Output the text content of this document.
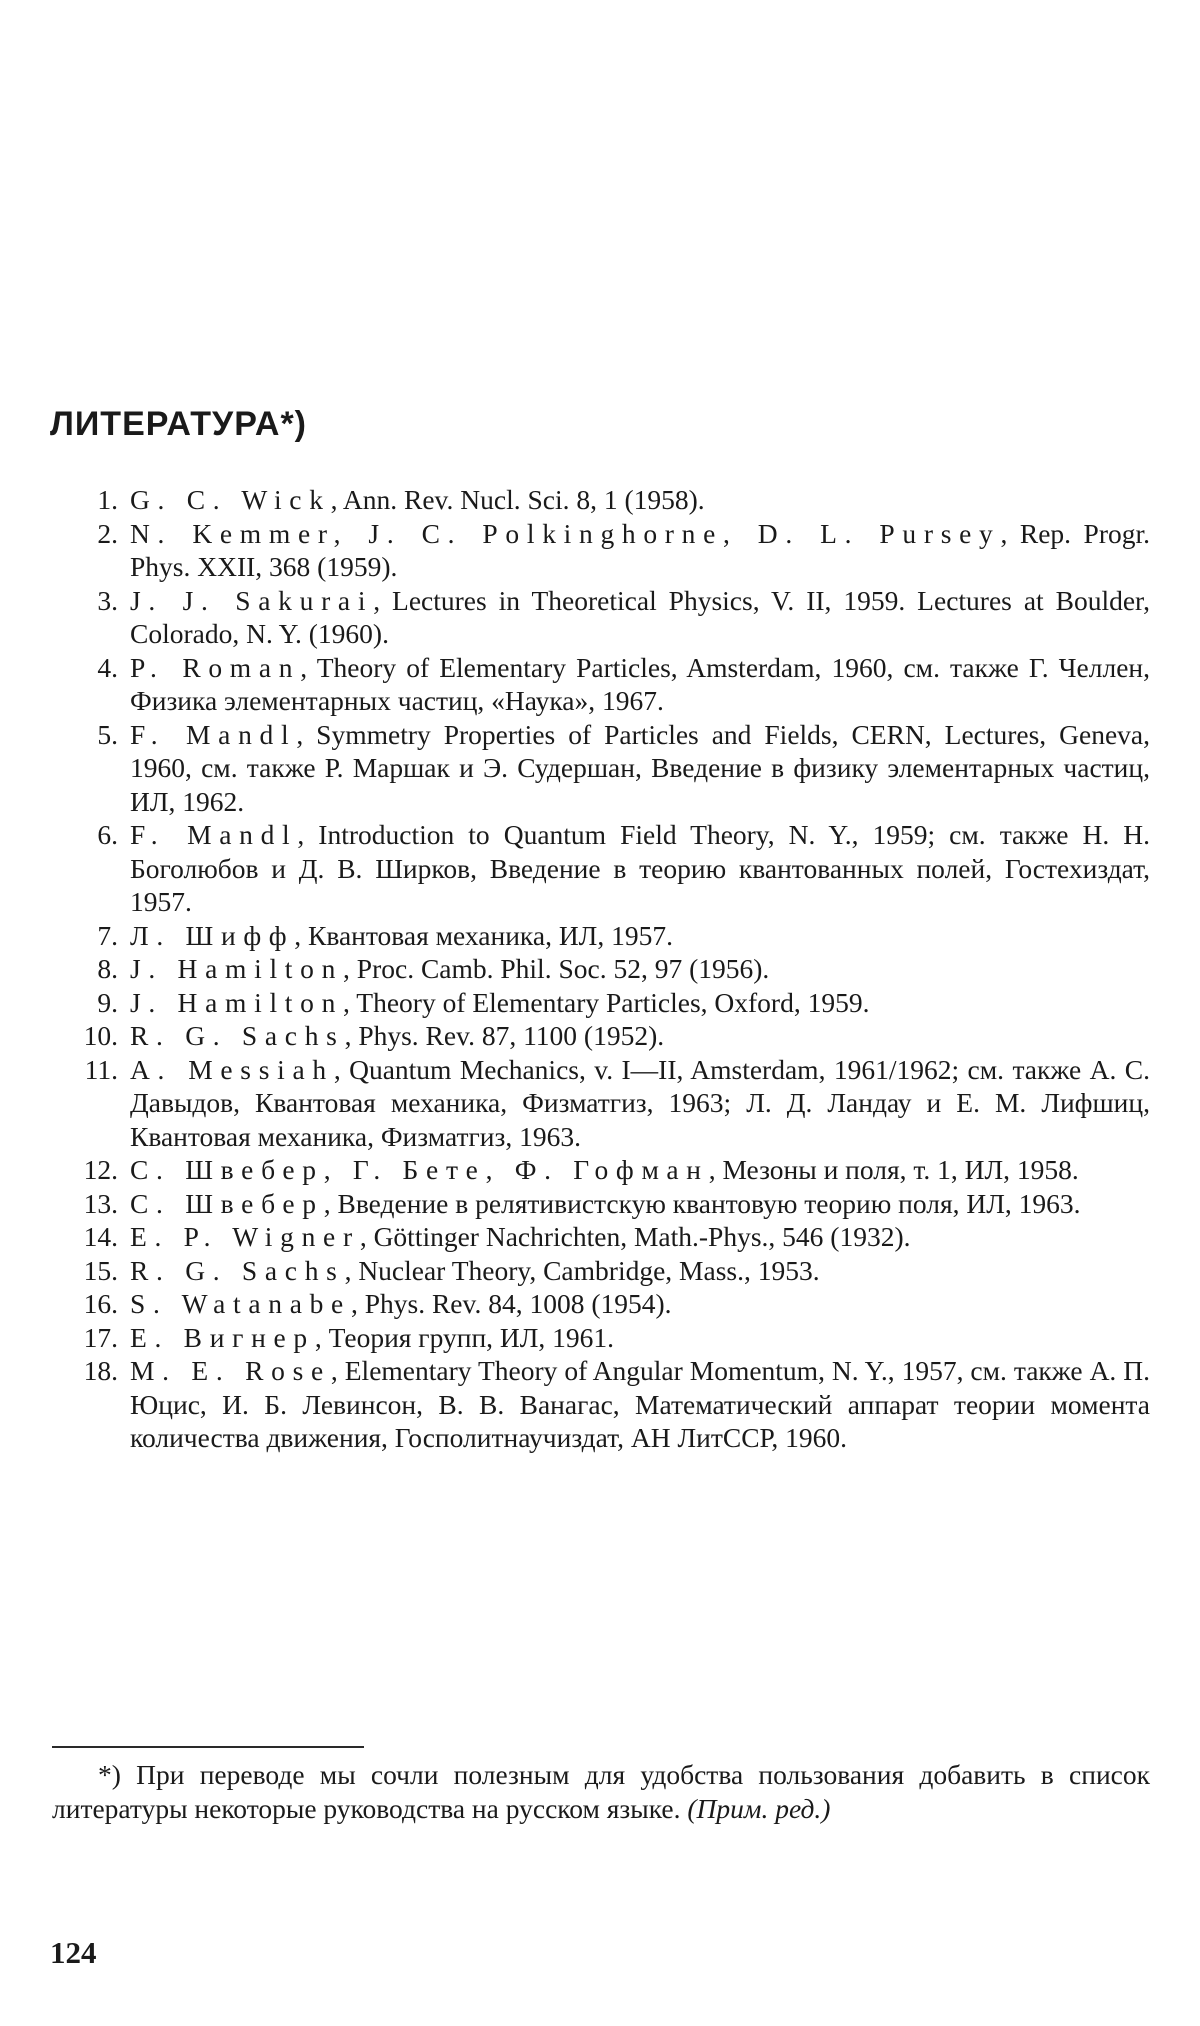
ЛИТЕРАТУРА*)
1. G. C. Wick, Ann. Rev. Nucl. Sci. 8, 1 (1958).
2. N. Kemmer, J. C. Polkinghorne, D. L. Pursey, Rep. Progr. Phys. XXII, 368 (1959).
3. J. J. Sakurai, Lectures in Theoretical Physics, V. II, 1959. Lectures at Boulder, Colorado, N. Y. (1960).
4. P. Roman, Theory of Elementary Particles, Amsterdam, 1960, см. также Г. Челлен, Физика элементарных частиц, «Наука», 1967.
5. F. Mandl, Symmetry Properties of Particles and Fields, CERN, Lectures, Geneva, 1960, см. также Р. Маршак и Э. Судершан, Введение в физику элементарных частиц, ИЛ, 1962.
6. F. Mandl, Introduction to Quantum Field Theory, N. Y., 1959; см. также Н. Н. Боголюбов и Д. В. Ширков, Введение в теорию квантованных полей, Гостехиздат, 1957.
7. Л. Шифф, Квантовая механика, ИЛ, 1957.
8. J. Hamilton, Proc. Camb. Phil. Soc. 52, 97 (1956).
9. J. Hamilton, Theory of Elementary Particles, Oxford, 1959.
10. R. G. Sachs, Phys. Rev. 87, 1100 (1952).
11. A. Messiah, Quantum Mechanics, v. I—II, Amsterdam, 1961/1962; см. также А. С. Давыдов, Квантовая механика, Физматгиз, 1963; Л. Д. Ландау и Е. М. Лифшиц, Квантовая механика, Физматгиз, 1963.
12. С. Швебер, Г. Бете, Ф. Гофман, Мезоны и поля, т. 1, ИЛ, 1958.
13. С. Швебер, Введение в релятивистскую квантовую теорию поля, ИЛ, 1963.
14. E. P. Wigner, Göttinger Nachrichten, Math.-Phys., 546 (1932).
15. R. G. Sachs, Nuclear Theory, Cambridge, Mass., 1953.
16. S. Watanabe, Phys. Rev. 84, 1008 (1954).
17. Е. Вигнер, Теория групп, ИЛ, 1961.
18. M. E. Rose, Elementary Theory of Angular Momentum, N. Y., 1957, см. также А. П. Юцис, И. Б. Левинсон, В. В. Ванагас, Математический аппарат теории момента количества движения, Госполитнаучиздат, АН ЛитССР, 1960.

*) При переводе мы сочли полезным для удобства пользования добавить в список литературы некоторые руководства на русском языке. (Прим. ред.)

124
